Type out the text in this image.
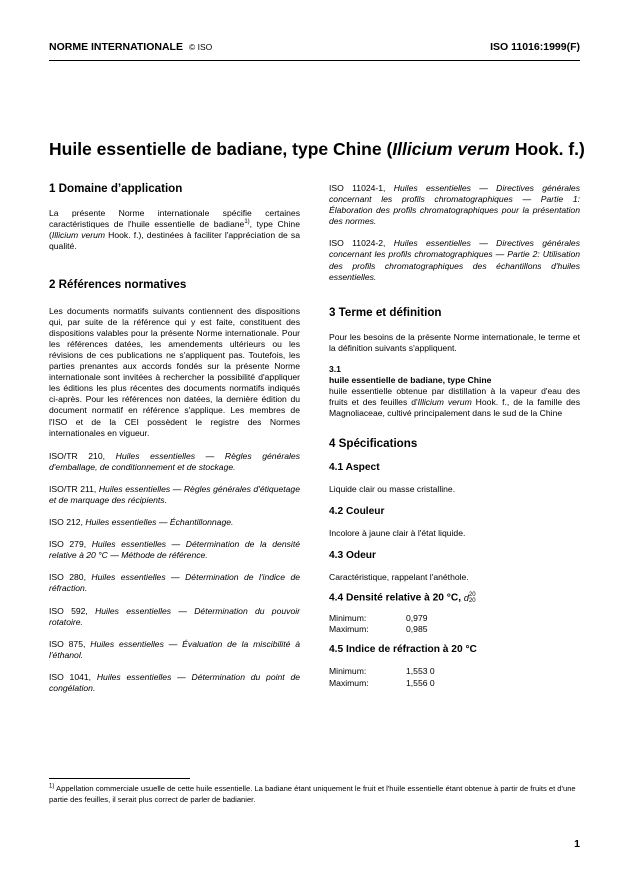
NORME INTERNATIONALE © ISO	ISO 11016:1999(F)
Huile essentielle de badiane, type Chine (Illicium verum Hook. f.)
1 Domaine d’application

La présente Norme internationale spécifie certaines caractéristiques de l'huile essentielle de badiane$^{1)}$, type Chine (Illicium verum Hook. f.), destinées à faciliter l'appréciation de sa qualité.

2 Références normatives

Les documents normatifs suivants contiennent des dispositions qui, par suite de la référence qui y est faite, constituent des dispositions valables pour la présente Norme internationale. Pour les références datées, les amendements ultérieurs ou les révisions de ces publications ne s'appliquent pas. Toutefois, les parties prenantes aux accords fondés sur la présente Norme internationale sont invitées à rechercher la possibilité d'appliquer les éditions les plus récentes des documents normatifs indiqués ci-après. Pour les références non datées, la dernière édition du document normatif en référence s'applique. Les membres de l'ISO et de la CEI possèdent le registre des Normes internationales en vigueur.

ISO/TR 210, Huiles essentielles — Règles générales d'emballage, de conditionnement et de stockage.

ISO/TR 211, Huiles essentielles — Règles générales d'étiquetage et de marquage des récipients.

ISO 212, Huiles essentielles — Échantillonnage.

ISO 279, Huiles essentielles — Détermination de la densité relative à 20 °C — Méthode de référence.

ISO 280, Huiles essentielles — Détermination de l'indice de réfraction.

ISO 592, Huiles essentielles — Détermination du pouvoir rotatoire.

ISO 875, Huiles essentielles — Évaluation de la miscibilité à l'éthanol.

ISO 1041, Huiles essentielles — Détermination du point de congélation.

ISO 11024-1, Huiles essentielles — Directives générales concernant les profils chromatographiques — Partie 1: Élaboration des profils chromatographiques pour la présentation des normes.

ISO 11024-2, Huiles essentielles — Directives générales concernant les profils chromatographiques — Partie 2: Utilisation des profils chromatographiques des échantillons d'huiles essentielles.

3 Terme et définition

Pour les besoins de la présente Norme internationale, le terme et la définition suivants s'appliquent.

3.1
huile essentielle de badiane, type Chine

huile essentielle obtenue par distillation à la vapeur d'eau des fruits et des feuilles d'Illicium verum Hook. f., de la famille des Magnoliaceae, cultivé principalement dans le sud de la Chine

4 Spécifications
4.1 Aspect

Liquide clair ou masse cristalline.

4.2 Couleur

Incolore à jaune clair à l'état liquide.

4.3 Odeur

Caractéristique, rappelant l'anéthole.

4.4 Densité relative à 20 °C, d 20
20
Minimum:	0,979
Maximum:	0,985
4.5 Indice de réfraction à 20 °C
Minimum:	1,553 0
Maximum:	1,556 0
$^{1)}$ Appellation commerciale usuelle de cette huile essentielle. La badiane étant uniquement le fruit et l'huile essentielle étant obtenue à partir de fruits et d'une partie des feuilles, il serait plus correct de parler de badianier.
1
